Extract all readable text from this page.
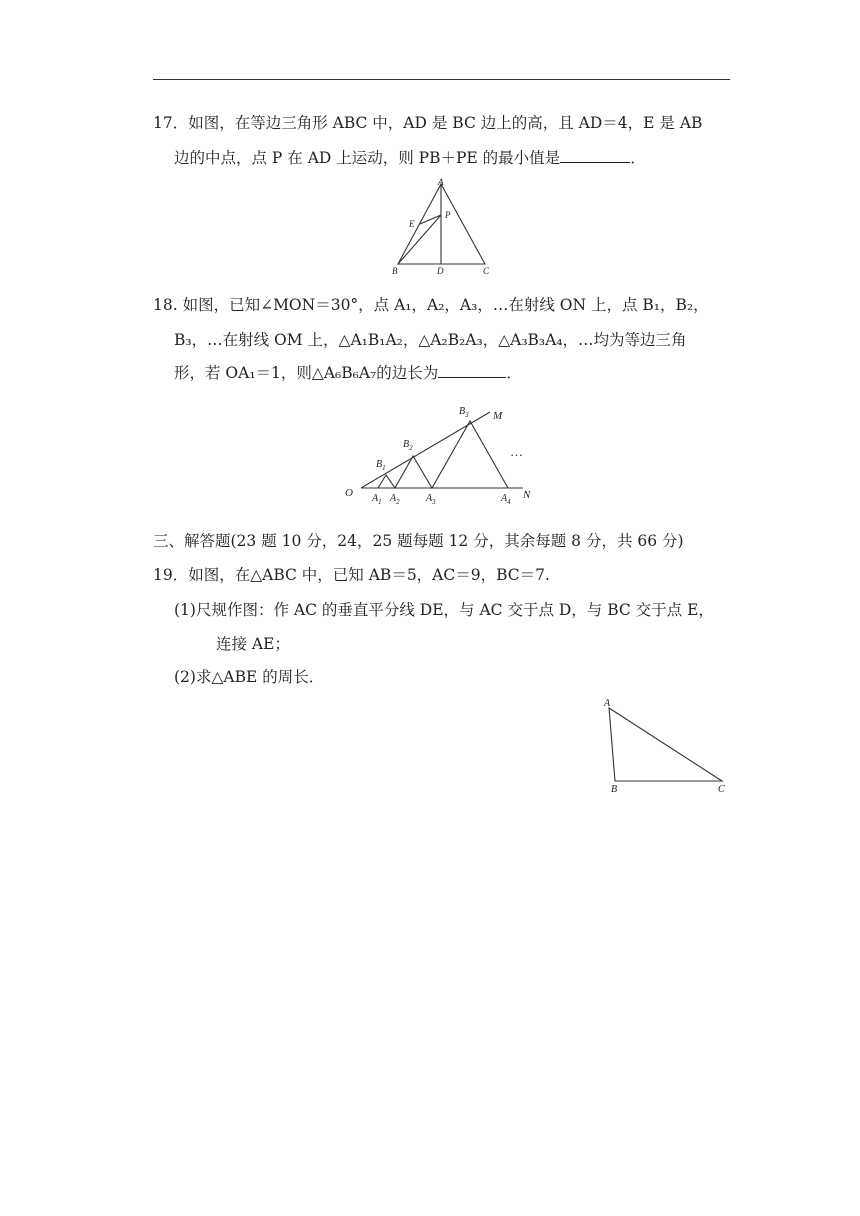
17．如图，在等边三角形 ABC 中，AD 是 BC 边上的高，且 AD＝4，E 是 AB
边的中点，点 P 在 AD 上运动，则 PB＋PE 的最小值是	．
A
B	C
D
E
P
18. 如图，已知∠MON＝30°，点 A₁，A₂，A₃，…在射线 ON 上，点 B₁，B₂，
B₃，…在射线 OM 上，△A₁B₁A₂，△A₂B₂A₃，△A₃B₃A₄，…均为等边三角
形，若 OA₁＝1，则△A₆B₆A₇的边长为	．
O
M
N
$A_1$ $A_2$	$A_3$	$A_4$
$B_1$
$B_2$
$B_3$
…
三、解答题(23 题 10 分，24，25 题每题 12 分，其余每题 8 分，共 66 分)
19．如图，在△ABC 中，已知 AB＝5，AC＝9，BC＝7.
(1)尺规作图：作 AC 的垂直平分线 DE，与 AC 交于点 D，与 BC 交于点 E，
连接 AE；
(2)求△ABE 的周长．
A
B	C
